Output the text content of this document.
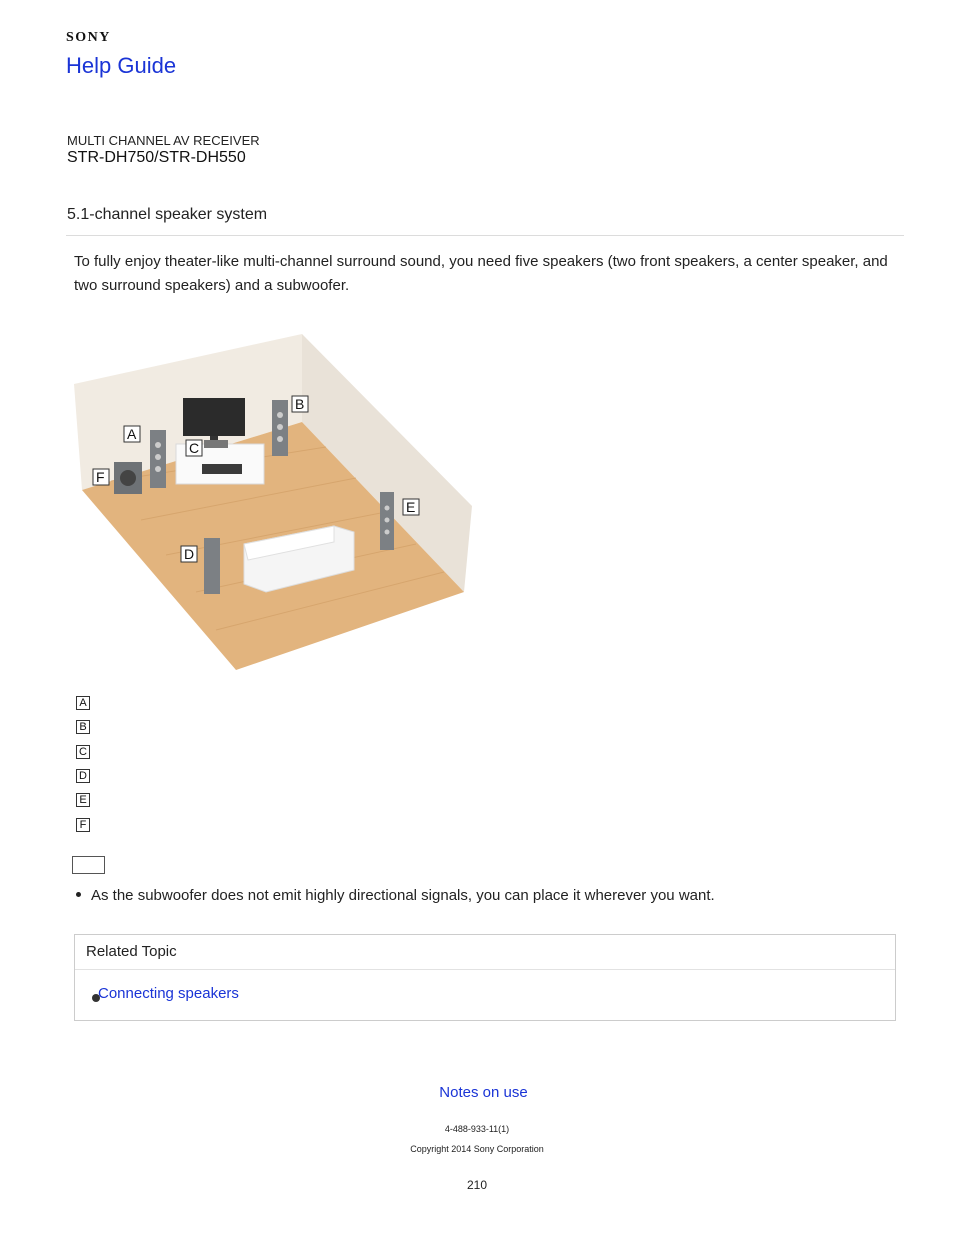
SONY
Help Guide
MULTI CHANNEL AV RECEIVER
STR-DH750/STR-DH550
5.1-channel speaker system
To fully enjoy theater-like multi-channel surround sound, you need five speakers (two front speakers, a center speaker, and two surround speakers) and a subwoofer.
A
B
C
D
E
F
A
B
C
D
E
F
As the subwoofer does not emit highly directional signals, you can place it wherever you want.
Related Topic
Connecting speakers
Notes on use
4-488-933-11(1)
Copyright 2014 Sony Corporation
210
